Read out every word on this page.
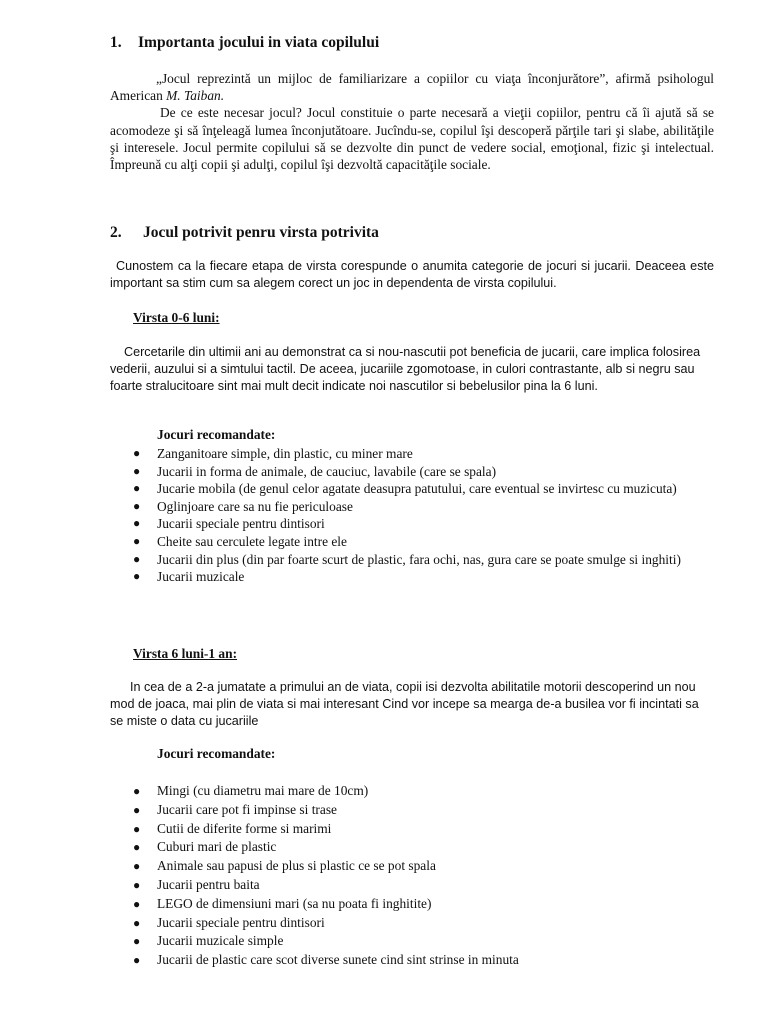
1. Importanta jocului in viata copilului

„Jocul reprezintă un mijloc de familiarizare a copiilor cu viaţa înconjurătore”, afirmă psihologul American M. Taiban.

De ce este necesar jocul? Jocul constituie o parte necesară a vieţii copiilor, pentru că îi ajută să se acomodeze şi să înţeleagă lumea înconjutătoare. Jucîndu-se, copilul îşi descoperă părţile tari şi slabe, abilităţile şi interesele. Jocul permite copilului să se dezvolte din punct de vedere social, emoţional, fizic şi intelectual. Împreună cu alţi copii şi adulţi, copilul îşi dezvoltă capacităţile sociale.

2. Jocul potrivit penru virsta potrivita

Cunostem ca la fiecare etapa de virsta corespunde o anumita categorie de jocuri si jucarii. Deaceea este important sa stim cum sa alegem corect un joc in dependenta de virsta copilului.

Virsta 0-6 luni:

Cercetarile din ultimii ani au demonstrat ca si nou-nascutii pot beneficia de jucarii, care implica folosirea vederii, auzului si a simtului tactil. De aceea, jucariile zgomotoase, in culori contrastante, alb si negru sau foarte stralucitoare sint mai mult decit indicate noi nascutilor si bebelusilor pina la 6 luni.

Jocuri recomandate:
● Zanganitoare simple, din plastic, cu miner mare
● Jucarii in forma de animale, de cauciuc, lavabile (care se spala)
● Jucarie mobila (de genul celor agatate deasupra patutului, care eventual se invirtesc cu muzicuta)
● Oglinjoare care sa nu fie periculoase
● Jucarii speciale pentru dintisori
● Cheite sau cerculete legate intre ele
● Jucarii din plus (din par foarte scurt de plastic, fara ochi, nas, gura care se poate smulge si inghiti)
● Jucarii muzicale
Virsta 6 luni-1 an:

In cea de a 2-a jumatate a primului an de viata, copii isi dezvolta abilitatile motorii descoperind un nou mod de joaca, mai plin de viata si mai interesant Cind vor incepe sa mearga de-a busilea vor fi incintati sa se miste o data cu jucariile

Jocuri recomandate:
● Mingi (cu diametru mai mare de 10cm)
● Jucarii care pot fi impinse si trase
● Cutii de diferite forme si marimi
● Cuburi mari de plastic
● Animale sau papusi de plus si plastic ce se pot spala
● Jucarii pentru baita
● LEGO de dimensiuni mari (sa nu poata fi inghitite)
● Jucarii speciale pentru dintisori
● Jucarii muzicale simple
● Jucarii de plastic care scot diverse sunete cind sint strinse in minuta
